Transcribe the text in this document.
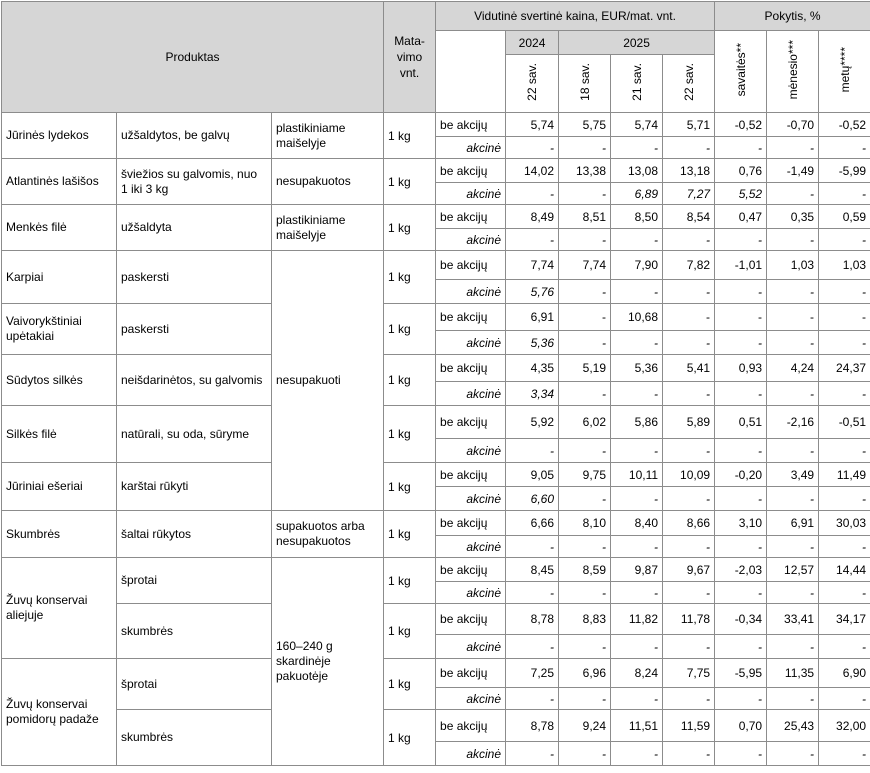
Produktas			Mata-
vimo
vnt.	Vidutinė svertinė kaina, EUR/mat. vnt.					Pokytis, %		
					2024	2025			savaitės**	mėnesio***	metų****
					22 sav.	18 sav.	21 sav.	22 sav.			
Jūrinės lydekos	užšaldytos, be galvų	plastikiniame maišelyje	1 kg	be akcijų	5,74	5,75	5,74	5,71	-0,52	-0,70	-0,52
				akcinė	-	-	-	-	-	-	-
Atlantinės lašišos	šviežios su galvomis, nuo 1 iki 3 kg	nesupakuotos	1 kg	be akcijų	14,02	13,38	13,08	13,18	0,76	-1,49	-5,99
				akcinė	-	-	6,89	7,27	5,52	-	-
Menkės filė	užšaldyta	plastikiniame maišelyje	1 kg	be akcijų	8,49	8,51	8,50	8,54	0,47	0,35	0,59
				akcinė	-	-	-	-	-	-	-
Karpiai	paskersti	nesupakuoti	1 kg	be akcijų	7,74	7,74	7,90	7,82	-1,01	1,03	1,03
				akcinė	5,76	-	-	-	-	-	-
Vaivorykštiniai upėtakiai	paskersti		1 kg	be akcijų	6,91	-	10,68	-	-	-	-
				akcinė	5,36	-	-	-	-	-	-
Sūdytos silkės	neišdarinėtos, su galvomis		1 kg	be akcijų	4,35	5,19	5,36	5,41	0,93	4,24	24,37
				akcinė	3,34	-	-	-	-	-	-
Silkės filė	natūrali, su oda, sūryme		1 kg	be akcijų	5,92	6,02	5,86	5,89	0,51	-2,16	-0,51
				akcinė	-	-	-	-	-	-	-
Jūriniai ešeriai	karštai rūkyti		1 kg	be akcijų	9,05	9,75	10,11	10,09	-0,20	3,49	11,49
				akcinė	6,60	-	-	-	-	-	-
Skumbrės	šaltai rūkytos	supakuotos arba nesupakuotos	1 kg	be akcijų	6,66	8,10	8,40	8,66	3,10	6,91	30,03
				akcinė	-	-	-	-	-	-	-
Žuvų konservai aliejuje	šprotai	160–240 g skardinėje pakuotėje	1 kg	be akcijų	8,45	8,59	9,87	9,67	-2,03	12,57	14,44
				akcinė	-	-	-	-	-	-	-
	skumbrės		1 kg	be akcijų	8,78	8,83	11,82	11,78	-0,34	33,41	34,17
				akcinė	-	-	-	-	-	-	-
Žuvų konservai pomidorų padaže	šprotai		1 kg	be akcijų	7,25	6,96	8,24	7,75	-5,95	11,35	6,90
				akcinė	-	-	-	-	-	-	-
	skumbrės		1 kg	be akcijų	8,78	9,24	11,51	11,59	0,70	25,43	32,00
				akcinė	-	-	-	-	-	-	-
